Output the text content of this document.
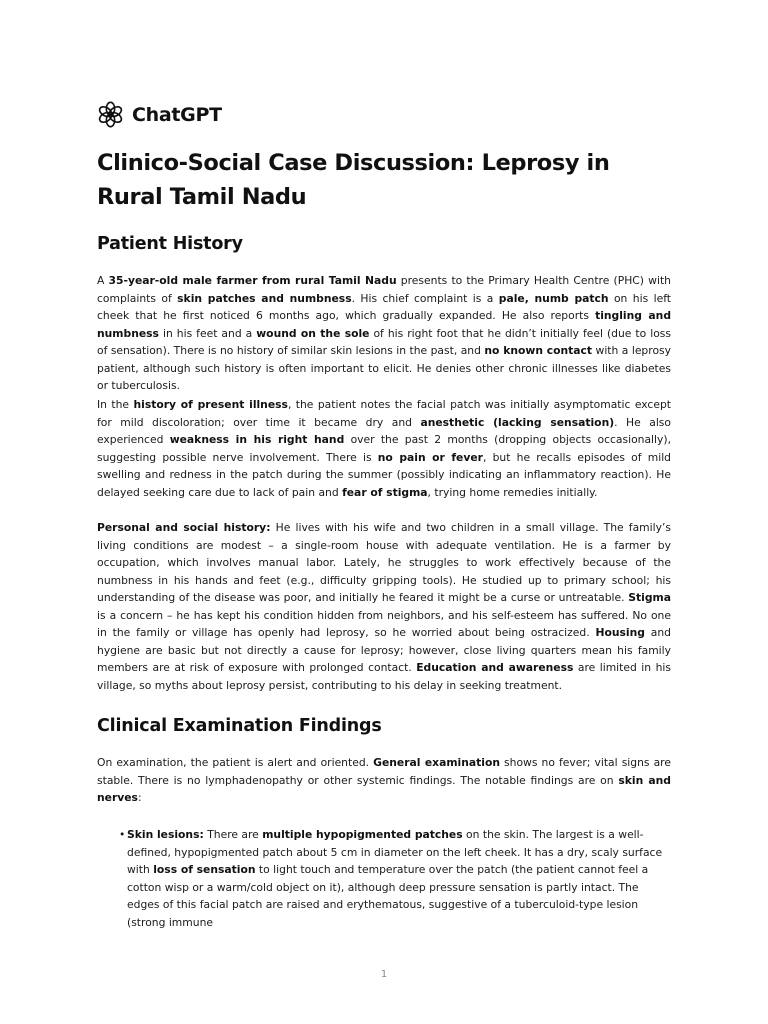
ChatGPT
Clinico-Social Case Discussion: Leprosy in Rural Tamil Nadu
Patient History

A 35-year-old male farmer from rural Tamil Nadu presents to the Primary Health Centre (PHC) with complaints of skin patches and numbness. His chief complaint is a pale, numb patch on his left cheek that he first noticed 6 months ago, which gradually expanded. He also reports tingling and numbness in his feet and a wound on the sole of his right foot that he didn’t initially feel (due to loss of sensation). There is no history of similar skin lesions in the past, and no known contact with a leprosy patient, although such history is often important to elicit. He denies other chronic illnesses like diabetes or tuberculosis.

In the history of present illness, the patient notes the facial patch was initially asymptomatic except for mild discoloration; over time it became dry and anesthetic (lacking sensation). He also experienced weakness in his right hand over the past 2 months (dropping objects occasionally), suggesting possible nerve involvement. There is no pain or fever, but he recalls episodes of mild swelling and redness in the patch during the summer (possibly indicating an inflammatory reaction). He delayed seeking care due to lack of pain and fear of stigma, trying home remedies initially.

Personal and social history: He lives with his wife and two children in a small village. The family’s living conditions are modest – a single-room house with adequate ventilation. He is a farmer by occupation, which involves manual labor. Lately, he struggles to work effectively because of the numbness in his hands and feet (e.g., difficulty gripping tools). He studied up to primary school; his understanding of the disease was poor, and initially he feared it might be a curse or untreatable. Stigma is a concern – he has kept his condition hidden from neighbors, and his self-esteem has suffered. No one in the family or village has openly had leprosy, so he worried about being ostracized. Housing and hygiene are basic but not directly a cause for leprosy; however, close living quarters mean his family members are at risk of exposure with prolonged contact. Education and awareness are limited in his village, so myths about leprosy persist, contributing to his delay in seeking treatment.

Clinical Examination Findings

On examination, the patient is alert and oriented. General examination shows no fever; vital signs are stable. There is no lymphadenopathy or other systemic findings. The notable findings are on skin and nerves:

• Skin lesions: There are multiple hypopigmented patches on the skin. The largest is a well-defined, hypopigmented patch about 5 cm in diameter on the left cheek. It has a dry, scaly surface with loss of sensation to light touch and temperature over the patch (the patient cannot feel a cotton wisp or a warm/cold object on it), although deep pressure sensation is partly intact. The edges of this facial patch are raised and erythematous, suggestive of a tuberculoid-type lesion (strong immune

1
